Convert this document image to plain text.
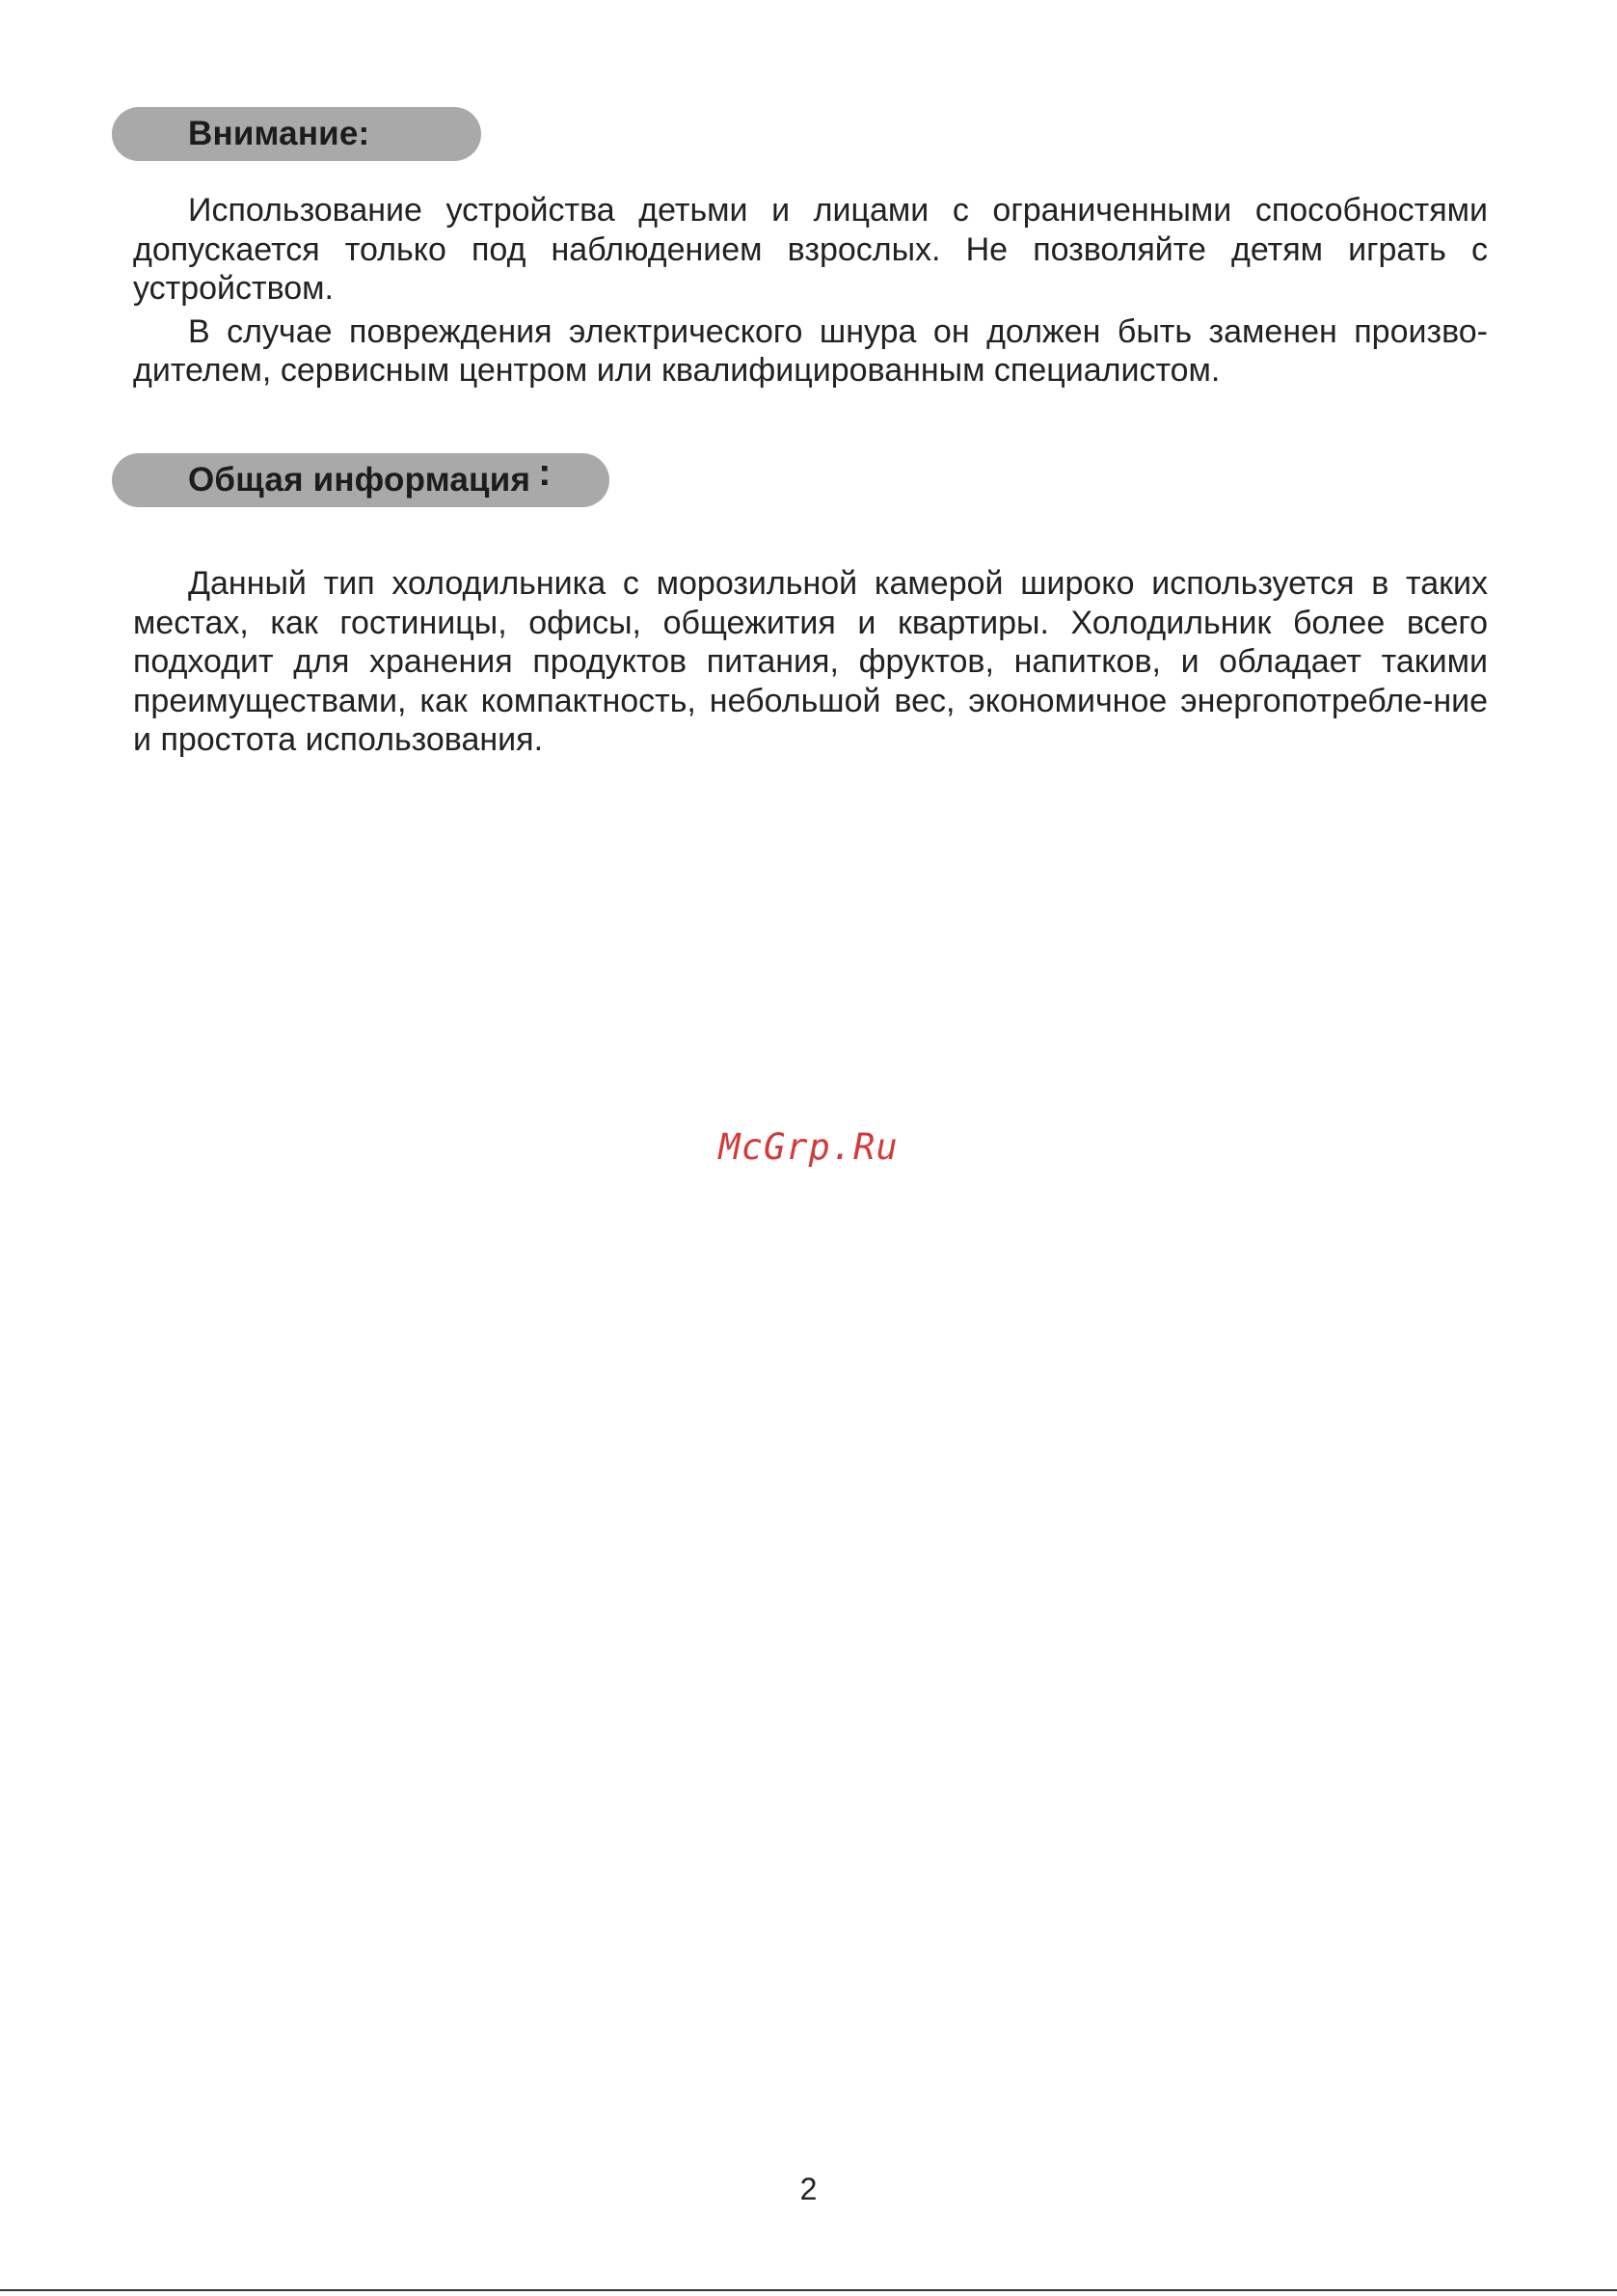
Внимание:

Использование устройства детьми и лицами с ограниченными способностями допускается только под наблюдением взрослых. Не позволяйте детям играть с устройством.

В случае повреждения электрического шнура он должен быть заменен произво-дителем, сервисным центром или квалифицированным специалистом.

Общая информация :

Данный тип холодильника с морозильной камерой широко используется в таких местах, как гостиницы, офисы, общежития и квартиры. Холодильник более всего подходит для хранения продуктов питания, фруктов, напитков, и обладает такими преимуществами, как компактность, небольшой вес, экономичное энергопотребле-ние и простота использования.

McGrp.Ru
2
